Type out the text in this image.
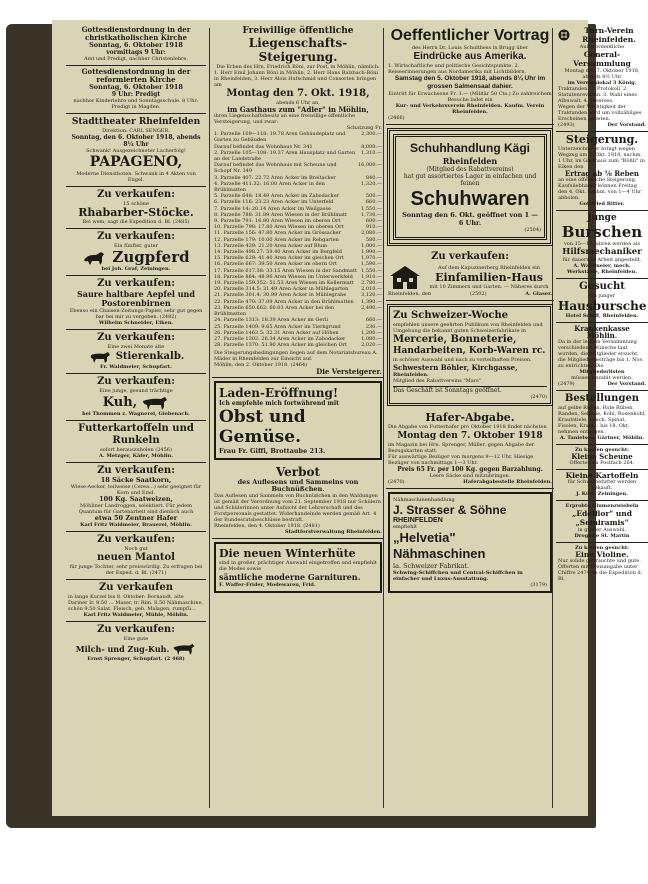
Gottesdienstordnung in der christkatholischen Kirche
Sonntag, 6. Oktober 1918
vormittags 9 Uhr:
Amt und Predigt, nachher Christenlehre.
Gottesdienstordnung in der reformierten Kirche
Sonntag, 6. Oktober 1918
9 Uhr: Predigt
nachher Kinderlehre und Sonntagsschule. 8 Uhr: Predigt in Magden.
Stadttheater Rheinfelden
Direktion: CARL SENGER.
Sonntag, den 6. Oktober 1918, abends 8¼ Uhr
Schwank! Ausgezeichneter Lacherfolg!
PAPAGENO,
Moderne Dienstboten. Schwank in 4 Akten von Engel.
Zu verkaufen:
15 schöne
Rhabarber-Stöcke.
Bei wem, sagt die Expedition d. Bl. (2485)
Zu verkaufen:
Ein fünfter, guter
Zugpferd
bei Joh. Graf, Zeiningen.
Zu verkaufen:
Saure haltbare Aepfel und Postorenbirnen
Ebenso ein Chaisen-Zeitungs-Papier, sehr gut gegen bar bei mir zu vergeben. (2482)
Wilhelm Schneider, Eiken.
Zu verkaufen:
Eine zwei Monate alte
Stierenkalb.
Fr. Waldmeier, Schupfart.
Zu verkaufen:
Eine junge, gesund trächtige
Kuh,
bei Thommen z. Wagnerei, Giebenach.
Futterkartoffeln und Runkeln
sofort herauszuholen (2456)
A. Metzger, Käfer, Möhlin.
Zu verkaufen:
18 Säcke Saatkorn,
Wiese-Aecker, teilweise (Cerea...) sehr geeignet für Korn und Emd.
100 Kg. Saatweizen,
Möhliner Landroggen, selektiert. Für jedem Quantum für Gartenarbeit sind dienlich auch
etwa 50 Zentner Hafer
Karl Fritz Waldmeier, Brauerei, Möhlin.
Zu verkaufen:
Noch gut
neuen Mantol
für junge Tochter, sehr preiswürdig. Zu erfragen bei der Exped. d. Bl. (2471)
Zu verkaufen
in lange Kurzel bis 8. Oktober: Bornandt, alte Dariner Ir. 8.50 ... Maser, tr. Rim. 8.50 Nähmaschine, schön 9.50 Salat, Fleisch, geb. Malagen, rumpfü...
Karl Fritz Waldmeier, Mühle, Möhlin.
Zu verkaufen:
Eine gute
Milch- und Zug-Kuh.
Ernst Sprenger, Schupfart. (2 468)
Freiwillige öffentliche
Liegenschafts-Steigerung.
Die Erben des Hrn. Friedrich Böni, zur Post, in Möhlin, nämlich:
1. Herr Emil Johann Böni in Möhlin, 2. Herr Hans Balzbach-Böni in Rheinfelden, 3. Herr Alois Hufschmid und Consorten bringen am
Montag den 7. Okt. 1918,
abends 6 Uhr an,
im Gasthaus zum "Adler" in Möhlin,
ihren Liegenschaftsbesitz an eine freiwillige öffentliche Versteigerung, und zwar:
Schatzung Fr.
1. Parzelle 109—118: 19.78 Aren Gebäudeplatz und Garten zu Gebäuden
2,300.—
Darauf befindet das Wohnhaus Nr. 341	8,000.—
2. Parzelle 105—108: 19.37 Aren Hausplatz und Garten an der Landstraße
1,310.—
Darauf befindet das Wohnhaus mit Scheune und Schopf Nr. 349
16,000.—
3. Parzelle 407: 22.72 Aren Acker im Breitacker	840.—
4. Parzelle 411.32: 16.00 Aren Acker in den Brühlmatten
1,320.—
5. Parzelle 648: 18.49 Aren Acker im Zabodacker	500.—
6. Parzelle 116: 23.23 Aren Acker im Unterfeld	660.—
7. Parzelle 14: 20.14 Aren Acker im Weilgasse	1,550.—
8. Parzelle 788: 31.89 Aren Wiesen in der Brühlmatt	1,730.—
9. Parzelle 791: 16.80 Aren Wiesen im oberen Ort	600.—
10. Parzelle 798: 17.80 Aren Wiesen im oberen Ort	910.—
11. Parzelle 156: 47.80 Aren Acker im Grössacker	2,080.—
12. Parzelle 179: 10.00 Aren Acker im Rebgarten	580.—
13. Parzelle 439: 21.20 Aren Acker auf Blum	1,000.—
14. Parzelle 498.27: 59.40 Aren Acker im Bergfeld	1,990.—
15. Parzelle 629: 41.40 Aren Acker im gleichen Ort	1,970.—
16. Parzelle 667: 39.50 Aren Acker im obern Ort	1,590.—
17. Parzelle 617.38: 33.15 Aren Wiesen in der Sandmatt 1,550.—
18. Parzelle 864: 48.96 Aren Wiesen im Unterwerkfeld	1,910.—
19. Parzelle 159.352: 51.53 Aren Wiesen im Kellermatt	2,780.—
20. Parzelle 314.5: 31.49 Aren Acker in Mühlegarten	2,010.—
21. Parzelle 301.4: 30.99 Aren Acker in Mühlegrabe	3,120.—
22. Parzelle 470: 37.09 Aren Acker in den Brühlmatten	1,390.—
23. Parzelle 650.662: 60.03 Aren Acker bei den Brühlmatten
2,490.—
24. Parzelle 1313: 18.39 Aren Acker im Gerli	660.—
25. Parzelle 1409: 9.65 Aren Acker im Tierkgrund	230.—
26. Parzelle 1463.5: 32.31 Aren Acker auf Höhen	1,200.—
27. Parzelle 1302: 26.34 Aren Acker im Zabodacker	1,080.—
28. Parzelle 1370: 51.90 Aren Acker im gleichen Ort	2,020.—
Die Steigerungsbedingungen liegen auf dem Notariatsbureau A. Mäder in Rheinfelden zur Einsicht auf.
Möhlin, den 2. Oktober 1918. (2464)
Die Versteigerer.
Laden-Eröffnung!
Ich empfehle mich fortwährend mit
Obst und Gemüse.
Frau Fr. Giffi, Brottaube 213.
Verbot
des Auflesens und Sammelns von Buchnüßchen.
Das Auflesen und Sammeln von Buchnüßchen in den Waldungen ist gemäß der Verordnung vom 21. September 1918 nur Schülern und Schülerinnen unter Aufsicht der Lehrerschaft und des Forstpersonals gestattet. Widerhandelnde werden gemäß Art. 4 der Bundesratsbeschlüsse bestraft.
Rheinfelden, den 4. Oktober 1918. (2481)
Stadtforstverwaltung Rheinfelden.
Die neuen Winterhüte
sind in großer, prächtiger Auswahl eingetroffen und empfiehlt die Modes sowie
sämtliche moderne Garnituren.
F. Waffer-Frider, Modewaren, Frid.
Oeffentlicher Vortrag
des Herrn Dr. Louis Schulthess in Brugg über
Eindrücke aus Amerika.
1. Wirtschaftliche und politische Gesichtspunkte. 2. Reiseerinnerungen aus Nordamerika mit Lichtbildern.
Samstag den 5. Oktober 1918, abends 8¼ Uhr im grossen Salmensaal dahier.
Eintritt für Erwachsene Fr. 1.— (Militär 50 Cts.) Zu zahlreichem Besuche ladet ein
Kur- und Verkehrsverein Rheinfelden. Kaufm. Verein Rheinfelden.
(2466)
Schuhhandlung Kägi
Rheinfelden
(Mitglied des Rabattvereins)
hat gut assortiertes Lager in einfachen und feinen
Schuhwaren
Sonntag den 6. Okt. geöffnet von 1 — 6 Uhr.
(2504)
Zu verkaufen:
Auf dem Kapuzinerberg Rheinfelden ein
Einfamilien-Haus
mit 10 Zimmern und Garten. — Näheres durch
Rheinfelden, den	(2502)	A. Glaser.
Zu Schweizer-Woche
empfehlen unsere geehrten Publikum von Rheinfelden und Umgebung die bekannt guten Schweizerfabrikate in
Mercerie, Bonneterie,
Handarbeiten, Korb-Waren rc.
in schöner Auswahl und nach zu vorteilhaften Preisen.
Schwestern Böhler, Kirchgasse,
Rheinfelden.
Mitglied des Rabattvereins "Mars"
Das Geschäft ist Sonntags geöffnet.
(2470)
Hafer-Abgabe.
Die Abgabe von Futterhafer pro Oktober 1918 findet nächsten
Montag den 7. Oktober 1918
im Magazin bei Hrn. Sprenger, Müller, gegen Abgabe der Bezugskarten statt.
Für auswärtige Bezüger von morgens 9—12 Uhr. Hiesige Bezüger von nachmittags 1—3 Uhr.
Preis 65 Fr. per 100 Kg. gegen Barzahlung.
Leere Säcke sind mitzubringen.
(2470)	Haferabgabestelle Rheinfelden.
Nähmaschinenhandlung
J. Strasser & Söhne
RHEINFELDEN
empfiehlt
„Helvetia" Nähmaschinen
la. Schweizer Fabrikat.
Schwing-Schiffchen und Central-Schiffchen in einfacher und Luxus-Ausstattung.
(3179)
Turn-Verein Rheinfelden.
Außerordentliche
General-Versammlung
Montag den 7. Oktober 1918, abends 8½ Uhr
im Vereinslokal 3 König.
Traktanden: 1. Protokoll. 2. Statutenrevision. 3. Wahl eines Albuwalt. 4. Diverses.
Wegen der Wichtigkeit der Traktanden wird um vollzähliges Erscheinen gebeten.
(2493)	Der Vorstand.
Steigerung.
Unterzeichneter bringt wegen Wegzug am 7. Okt. 1918, nachm. 1 Uhr, im Gasthaus zum "Rößli" in Eiken den
Ertrag ab ⅛ Reben
an eine öffentliche Steigerung. Kaufsliebhaber können Freitag den 4. Okt. nachm. von 1—4 Uhr abholen.
Gottfried Ritter.
Junge
Burschen
von 15—17 Jahren werden als
Hilfsmechaniker
für dauernde Arbeit angestellt.
A. Waldmeier, mech. Werkstätte, Rheinfelden.
Gesucht
ein junger
Hausbursche
Hotel Schiff, Rheinfelden.
Krankenkasse Möhlin.
Da in der letzten Versammlung verschiedene Wünsche laut wurden, die Mitglieder ersucht, die Mitgliederbeiträge bis 1. Nov. zu entrichten. Die
Mitgliederlisten
müssen bezahlt werden.
(2479)	Der Vorstand.
Bestellungen
auf gelbe Rüben, Rote Rüben, Randen, Sellerie, Kohl, Rosenkohl, Krautstiele, Lauch, Spinat, Fisolen, Kraut... bis 18. Okt. nehmen entgegen
A. Tanielsen, Gärtner, Möhlin.
Zu kaufen gesucht:
Kleine Scheune
Offerten an Postfach 264.
Kleine Kartoffeln
für Schweinefutter werden gekauft.
J. Kürt, Zeiningen.
Erprobte Blumenzwiebeln
„Edelflor" und „Semiramis"
in großer Auswahl.
Drogerie St. Martin
Zu kaufen gesucht:
Eine Violine.
Nur solide gebrauchte und gute. Offerten mit Preisangabe unter Chiffre 2474 an die Expedition d. Bl.
